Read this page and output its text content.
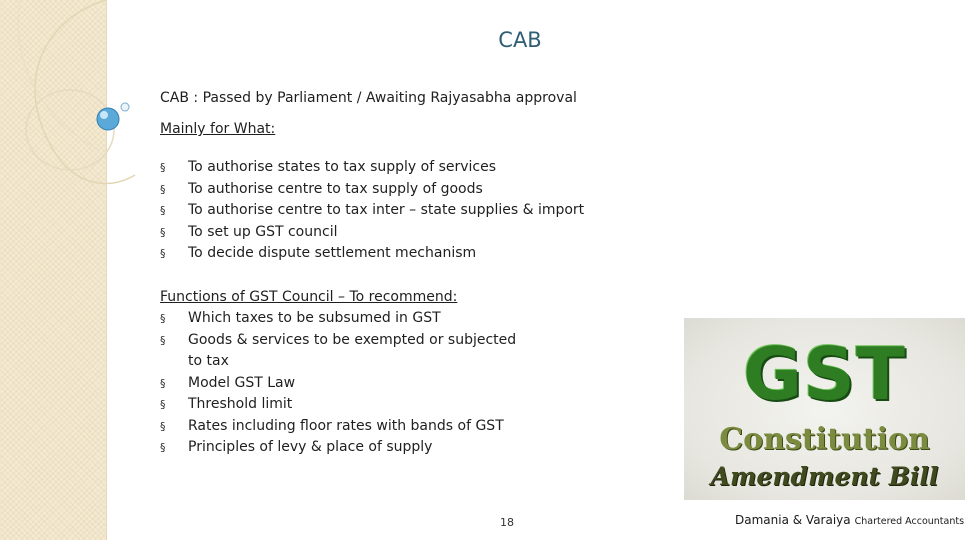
CAB
CAB : Passed by Parliament / Awaiting Rajyasabha approval
Mainly for What:
§ To authorise states to tax supply of services
§ To authorise centre to tax supply of goods
§ To authorise centre to tax inter – state supplies & import
§ To set up GST council
§ To decide dispute settlement mechanism
Functions of GST Council – To recommend:
§ Which taxes to be subsumed in GST
§ Goods & services to be exempted or subjected to tax
§ Model GST Law
§ Threshold limit
§ Rates including floor rates with bands of GST
§ Principles of levy & place of supply
GST
Constitution
Amendment Bill
18	Damania & Varaiya Chartered Accountants
